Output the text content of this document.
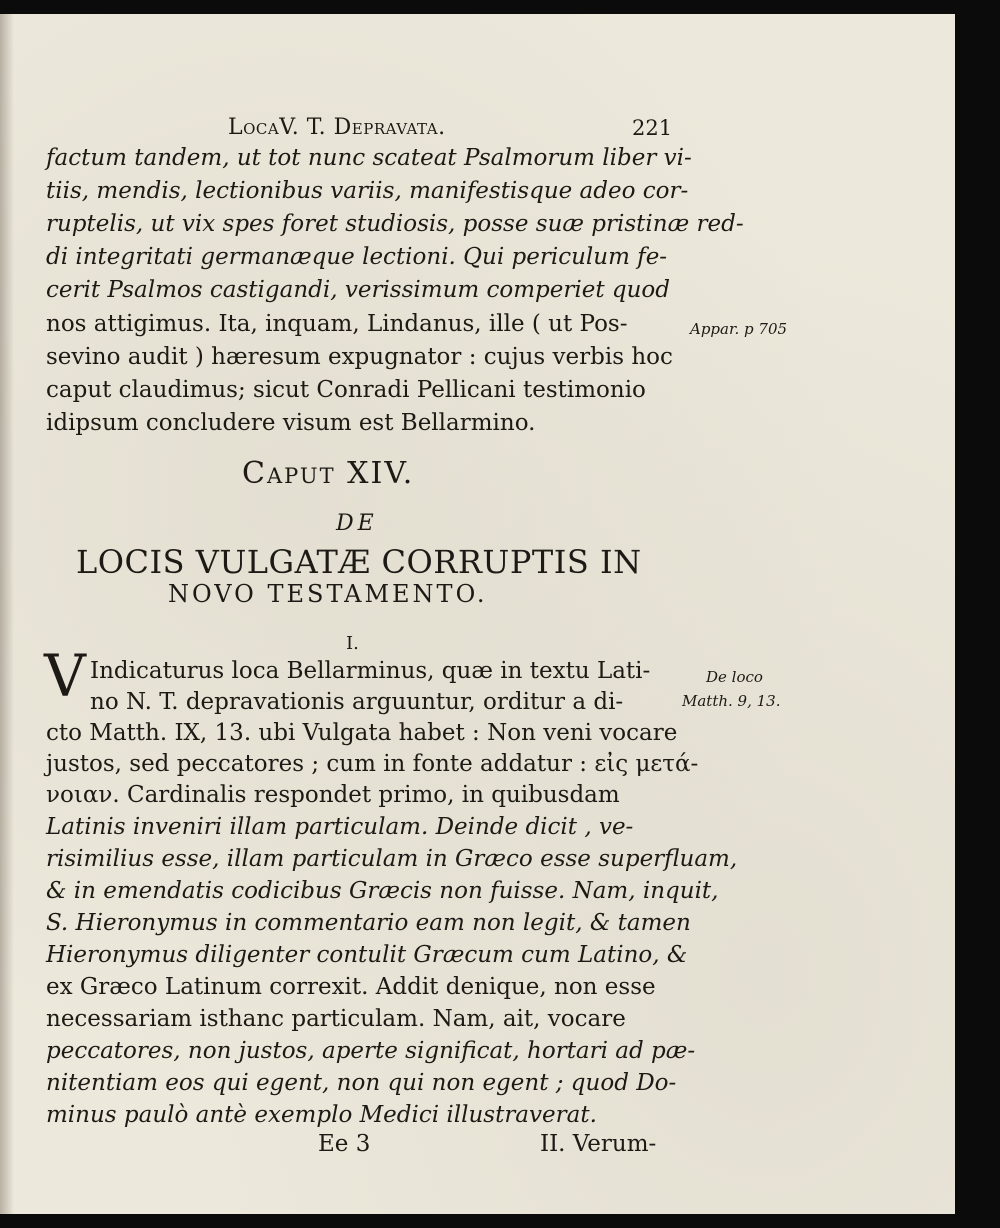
LocaV. T. Depravata.	221
factum tandem, ut tot nunc scateat Psalmorum liber vi-
tiis, mendis, lectionibus variis, manifestisque adeo cor-
ruptelis, ut vix spes foret studiosis, posse suæ pristinæ red-
di integritati germanæque lectioni. Qui periculum fe-
cerit Psalmos castigandi, verissimum comperiet quod
nos attigimus. Ita, inquam, Lindanus, ille ( ut Pos-
sevino audit ) hæresum expugnator : cujus verbis hoc
caput claudimus; sicut Conradi Pellicani testimonio
idipsum concludere visum est Bellarmino.
Caput XIV.
DE
LOCIS VULGATÆ CORRUPTIS IN
NOVO TESTAMENTO.
I.
V Indicaturus loca Bellarminus, quæ in textu Lati-
no N. T. depravationis arguuntur, orditur a di-
cto Matth. IX, 13. ubi Vulgata habet : Non veni vocare
justos, sed peccatores ; cum in fonte addatur : εἰς μετά-
νοιαν. Cardinalis respondet primo, in quibusdam
Latinis inveniri illam particulam. Deinde dicit , ve-
risimilius esse, illam particulam in Græco esse superfluam,
& in emendatis codicibus Græcis non fuisse. Nam, inquit,
S. Hieronymus in commentario eam non legit, & tamen
Hieronymus diligenter contulit Græcum cum Latino, &
ex Græco Latinum correxit. Addit denique, non esse
necessariam isthanc particulam. Nam, ait, vocare
peccatores, non justos, aperte significat, hortari ad pæ-
nitentiam eos qui egent, non qui non egent ; quod Do-
minus paulò antè exemplo Medici illustraverat.
Appar. p 705
De loco
Matth. 9, 13.
Ee 3	II. Verum-
